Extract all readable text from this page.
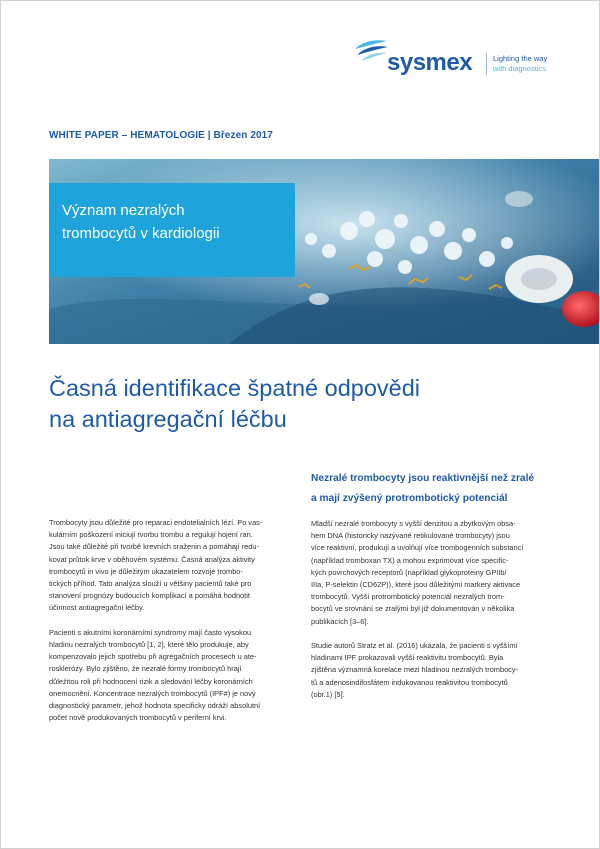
sysmex	Lighting the way
with diagnostics
WHITE PAPER – HEMATOLOGIE | Březen 2017
Význam nezralých
trombocytů v kardiologii
Časná identifikace špatné odpovědi
na antiagregační léčbu
Nezralé trombocyty jsou reaktivnější než zralé
a mají zvýšený protrombotický potenciál

Trombocyty jsou důležité pro reparaci endotelialních lézí. Po vas-
kulárním poškození iniciují tvorbu trombu a regulují hojení ran.
Jsou také důležité při tvorbě krevních sraženin a pomáhají redu-
kovat průtok krve v oběhovém systému. Časná analýza aktivity
trombocytů in vivo je důležitým ukazatelem rozvoje trombo-
tických příhod. Tato analýza slouží u většiny pacientů také pro
stanovení prognózy budoucích komplikací a pomáhá hodnotit
účinnost antiagregační léčby.

Pacienti s akutními koronárními syndromy mají často vysokou
hladinu nezralých trombocytů [1, 2], které tělo produkuje, aby
kompenzovalo jejich spotřebu při agregačních procesech u ate-
rosklerózy. Bylo zjištěno, že nezralé formy trombocytů hrají
důležitou roli při hodnocení rizik a sledování léčby koronárních
onemocnění. Koncentrace nezralých trombocytů (IPF#) je nový
diagnostický parametr, jehož hodnota specificky odráží absolutní
počet nově produkovaných trombocytů v periferní krvi.

Mladší nezralé trombocyty s vyšší denzitou a zbytkovým obsa-
hem DNA (historicky nazývané retikulované trombocyty) jsou
více reaktivní, produkují a uvolňují více trombogenních substancí
(například tromboxan TX) a mohou exprimovat více specific-
kých povrchových receptorů (například glykoproteiny GPIIb/
IIIa, P-selektin (CD62P)), které jsou důležitými markery aktivace
trombocytů. Vyšší protrombotický potenciál nezralých trom-
bocytů ve srovnání se zralými byl již dokumentován v několika
publikacích [3–6].

Studie autorů Stratz et al. (2016) ukázala, že pacienti s vyššími
hladinami IPF prokazovali vyšší reaktivitu trombocytů. Byla
zjištěna významná korelace mezi hladinou nezralých trombocy-
tů a adenosindifosfátem indukovanou reaktivitou trombocytů
(obr.1) [5].
